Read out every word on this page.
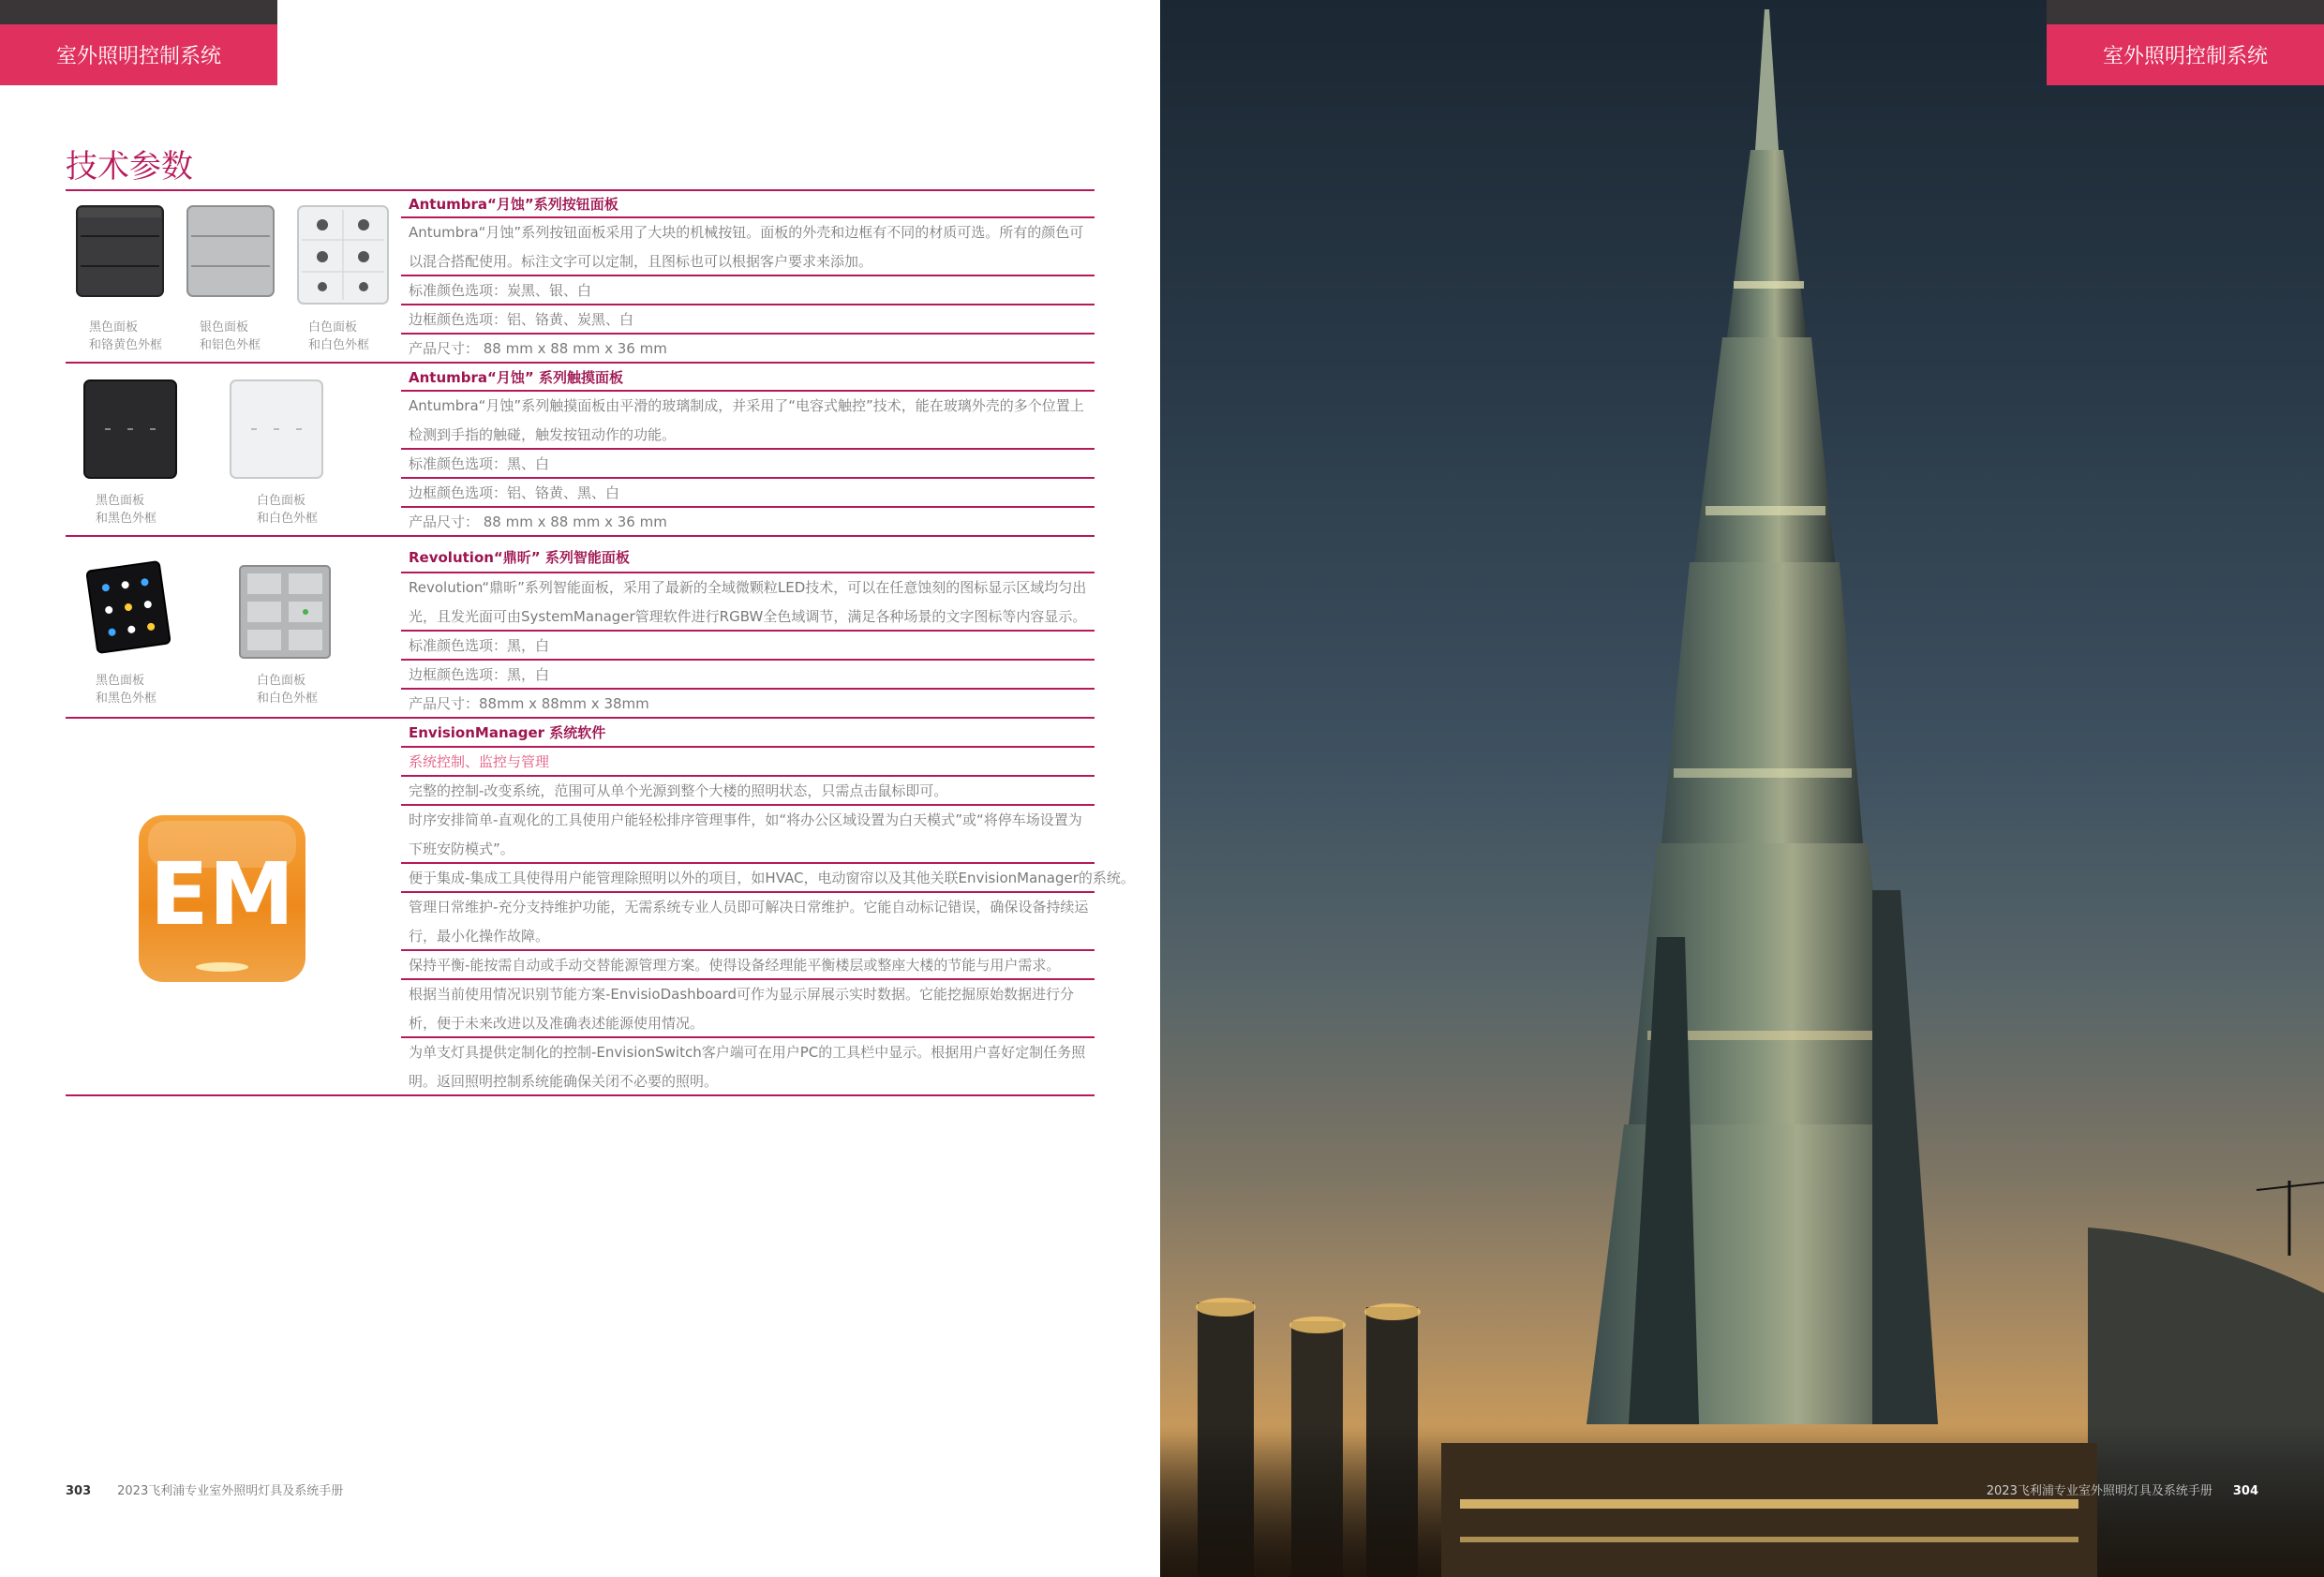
室外照明控制系统
技术参数
黑色面板
和铬黄色外框
银色面板
和铝色外框
白色面板
和白色外框
Antumbra“月蚀”系列按钮面板
Antumbra“月蚀”系列按钮面板采用了大块的机械按钮。面板的外壳和边框有不同的材质可选。所有的颜色可以混合搭配使用。标注文字可以定制，且图标也可以根据客户要求来添加。
标准颜色选项：炭黑、银、白
边框颜色选项：铝、铬黄、炭黑、白
产品尺寸： 88 mm x 88 mm x 36 mm
黑色面板
和黑色外框
白色面板
和白色外框
Antumbra“月蚀” 系列触摸面板
Antumbra“月蚀”系列触摸面板由平滑的玻璃制成，并采用了“电容式触控”技术，能在玻璃外壳的多个位置上检测到手指的触碰，触发按钮动作的功能。
标准颜色选项：黑、白
边框颜色选项：铝、铬黄、黑、白
产品尺寸： 88 mm x 88 mm x 36 mm
黑色面板
和黑色外框
白色面板
和白色外框
Revolution“鼎昕” 系列智能面板
Revolution“鼎昕”系列智能面板，采用了最新的全域微颗粒LED技术，可以在任意蚀刻的图标显示区域均匀出光，且发光面可由SystemManager管理软件进行RGBW全色域调节，满足各种场景的文字图标等内容显示。
标准颜色选项：黑，白
边框颜色选项：黑，白
产品尺寸：88mm x 88mm x 38mm
EM
EnvisionManager 系统软件
系统控制、监控与管理
完整的控制-改变系统，范围可从单个光源到整个大楼的照明状态，只需点击鼠标即可。
时序安排简单-直观化的工具使用户能轻松排序管理事件，如“将办公区域设置为白天模式”或“将停车场设置为下班安防模式”。
便于集成-集成工具使得用户能管理除照明以外的项目，如HVAC，电动窗帘以及其他关联EnvisionManager的系统。
管理日常维护-充分支持维护功能，无需系统专业人员即可解决日常维护。它能自动标记错误，确保设备持续运行，最小化操作故障。
保持平衡-能按需自动或手动交替能源管理方案。使得设备经理能平衡楼层或整座大楼的节能与用户需求。
根据当前使用情况识别节能方案-EnvisioDashboard可作为显示屏展示实时数据。它能挖掘原始数据进行分析，便于未来改进以及准确表述能源使用情况。
为单支灯具提供定制化的控制-EnvisionSwitch客户端可在用户PC的工具栏中显示。根据用户喜好定制任务照明。返回照明控制系统能确保关闭不必要的照明。
303 2023飞利浦专业室外照明灯具及系统手册
室外照明控制系统
2023飞利浦专业室外照明灯具及系统手册 304
